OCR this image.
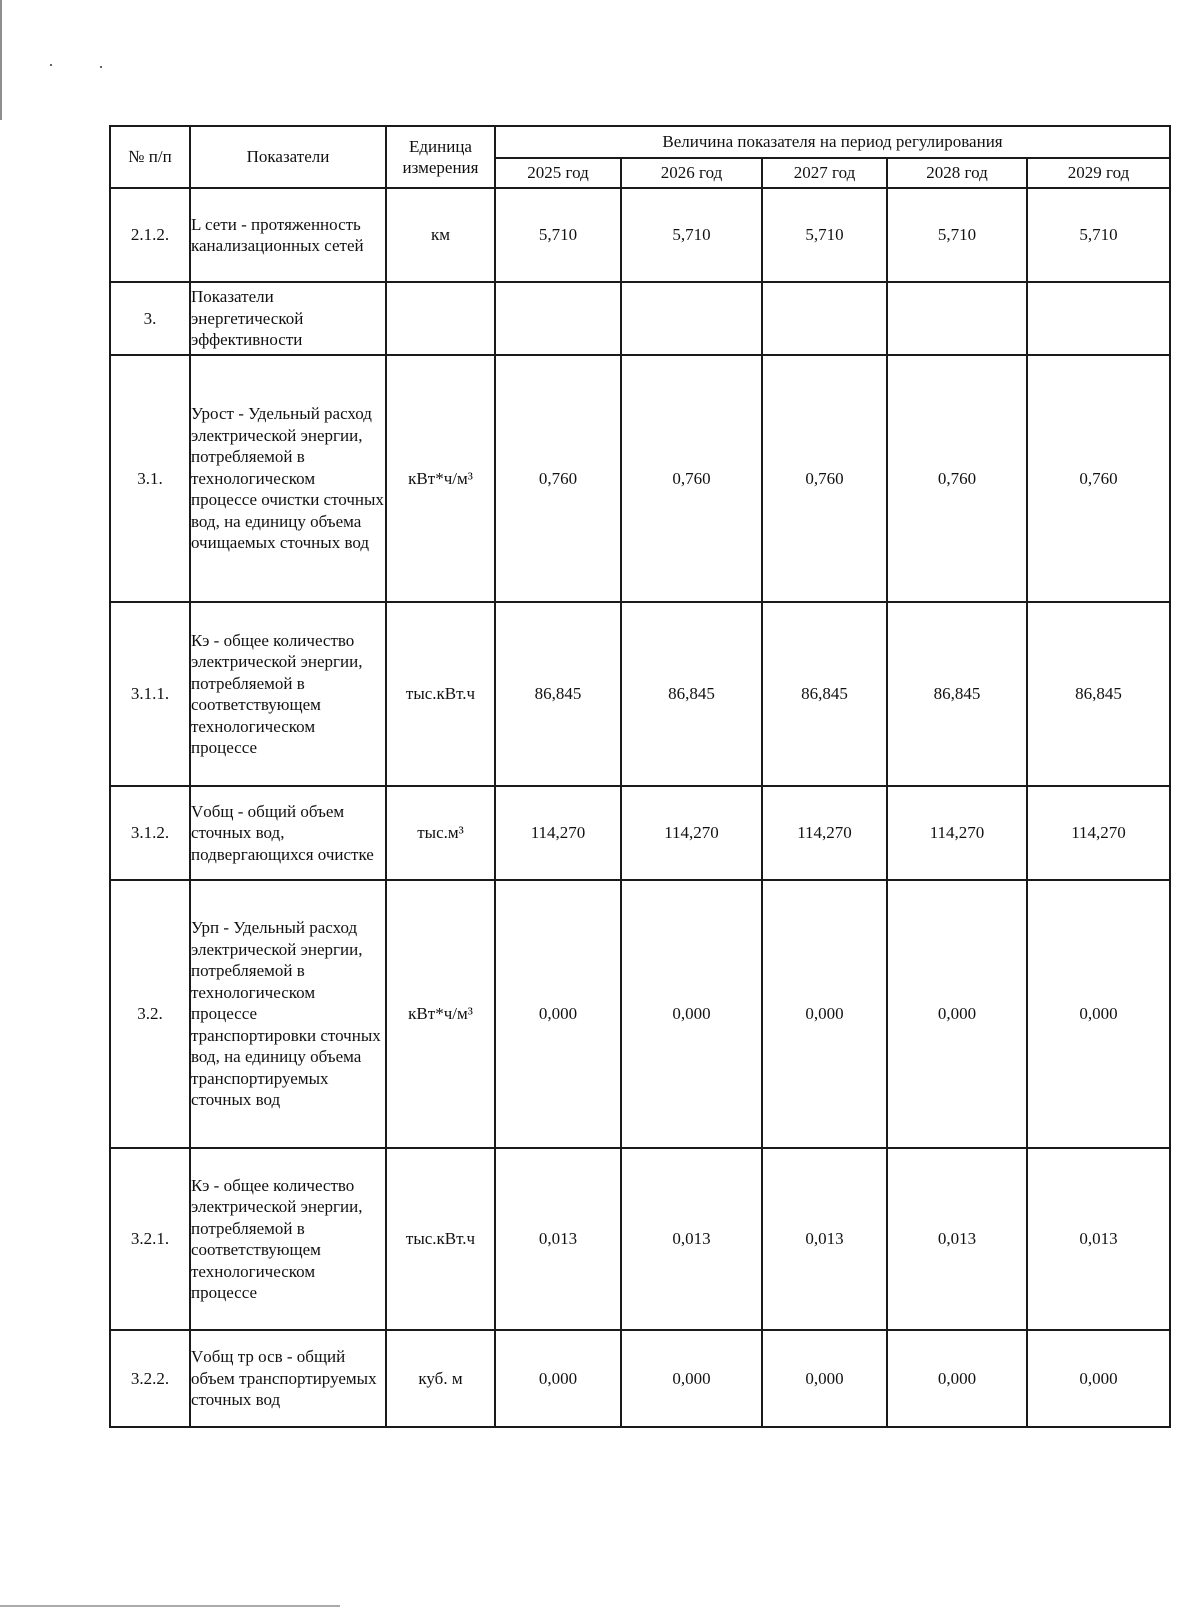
№ п/п	Показатели	Единица измерения	Величина показателя на период регулирования				
			2025 год	2026 год	2027 год	2028 год	2029 год
2.1.2.	L сети - протяженность канализационных сетей	км	5,710	5,710	5,710	5,710	5,710
3.	Показатели энергетической эффективности						
3.1.	Урост - Удельный расход электрической энергии, потребляемой в технологическом процессе очистки сточных вод, на единицу объема очищаемых сточных вод	кВт*ч/м³	0,760	0,760	0,760	0,760	0,760
3.1.1.	Кэ - общее количество электрической энергии, потребляемой в соответствующем технологическом процессе	тыс.кВт.ч	86,845	86,845	86,845	86,845	86,845
3.1.2.	Vобщ - общий объем сточных вод, подвергающихся очистке	тыс.м³	114,270	114,270	114,270	114,270	114,270
3.2.	Урп - Удельный расход электрической энергии, потребляемой в технологическом процессе транспортировки сточных вод, на единицу объема транспортируемых сточных вод	кВт*ч/м³	0,000	0,000	0,000	0,000	0,000
3.2.1.	Кэ - общее количество электрической энергии, потребляемой в соответствующем технологическом процессе	тыс.кВт.ч	0,013	0,013	0,013	0,013	0,013
3.2.2.	Vобщ тр осв - общий объем транспортируемых сточных вод	куб. м	0,000	0,000	0,000	0,000	0,000
